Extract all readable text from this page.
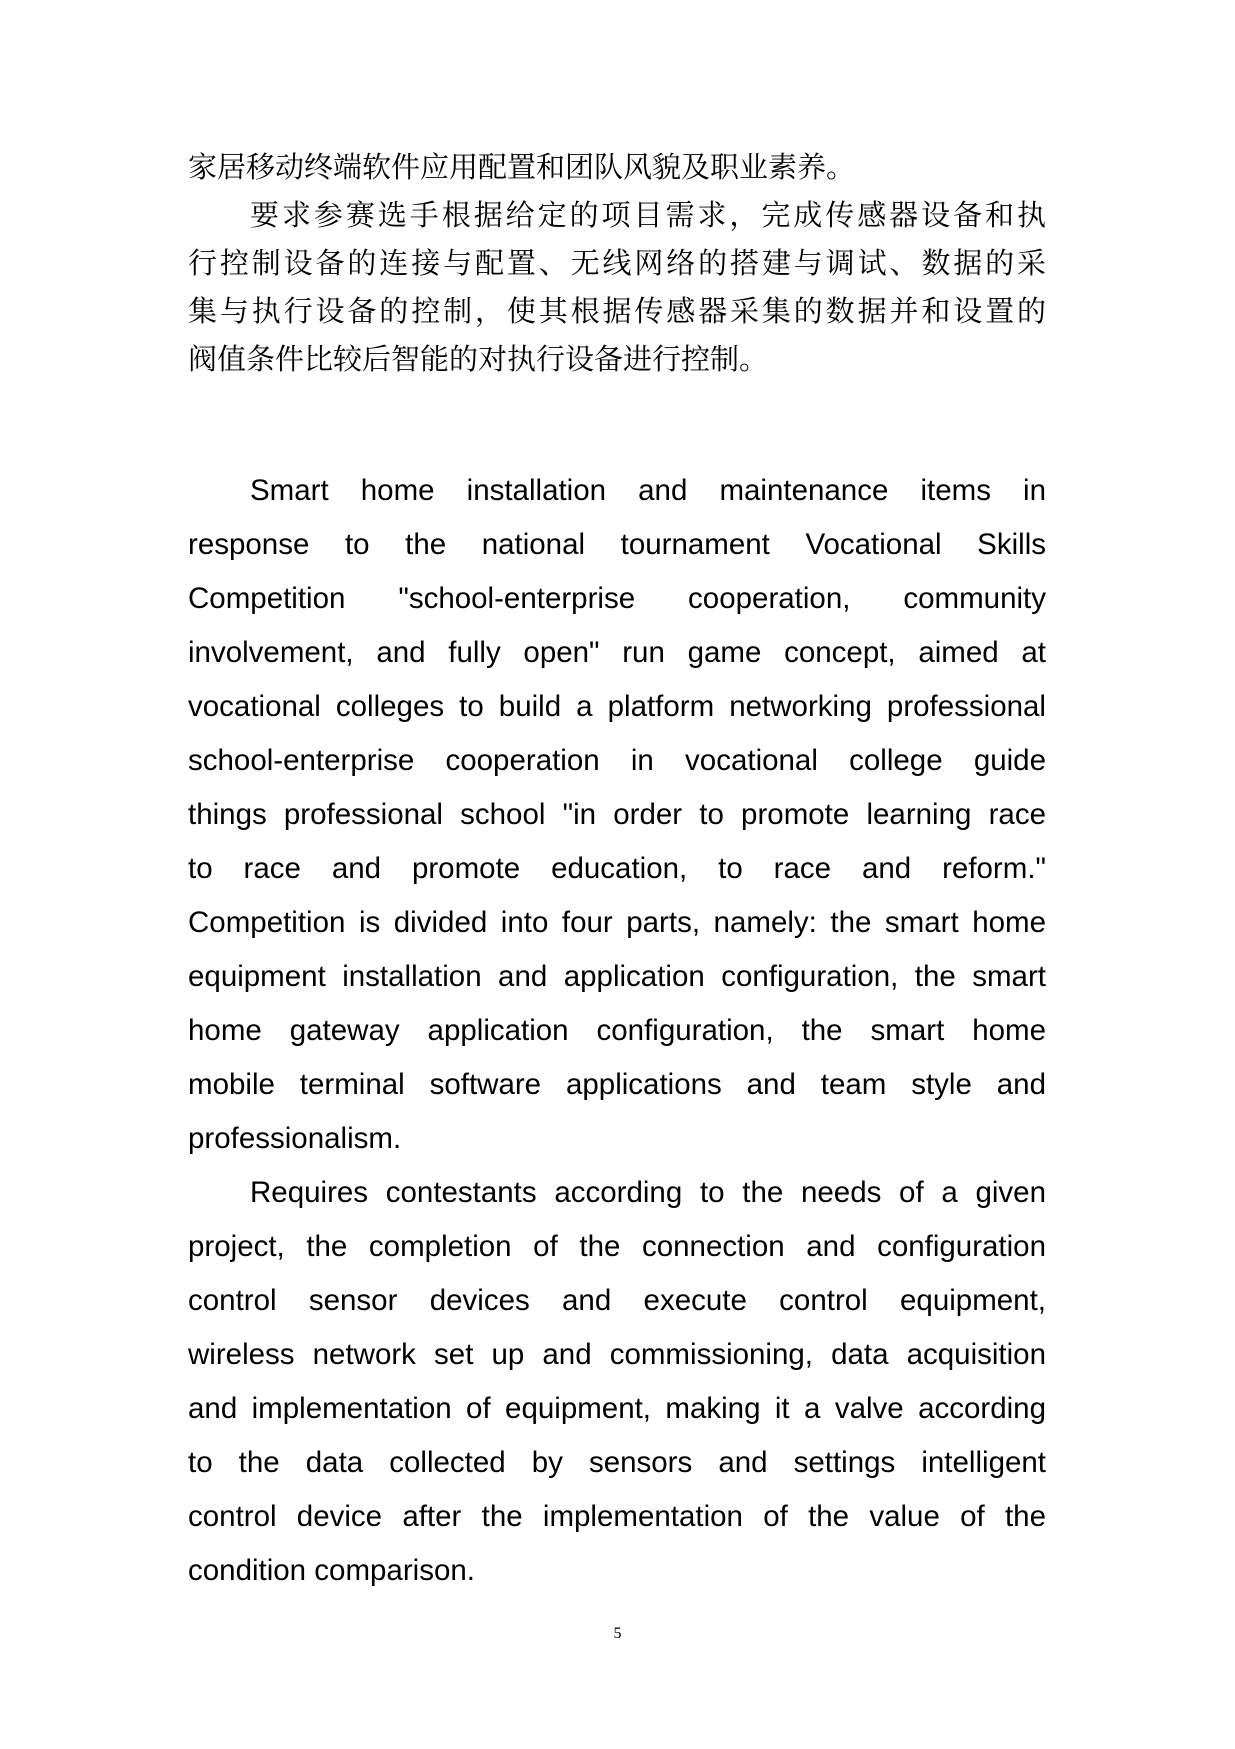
家居移动终端软件应用配置和团队风貌及职业素养。
要求参赛选手根据给定的项目需求，完成传感器设备和执
行控制设备的连接与配置、无线网络的搭建与调试、数据的采
集与执行设备的控制，使其根据传感器采集的数据并和设置的
阀值条件比较后智能的对执行设备进行控制。
Smart home installation and maintenance items in
response to the national tournament Vocational Skills
Competition "school-enterprise cooperation, community
involvement, and fully open" run game concept, aimed at
vocational colleges to build a platform networking professional
school-enterprise cooperation in vocational college guide
things professional school "in order to promote learning race
to race and promote education, to race and reform."
Competition is divided into four parts, namely: the smart home
equipment installation and application configuration, the smart
home gateway application configuration, the smart home
mobile terminal software applications and team style and
professionalism.
Requires contestants according to the needs of a given
project, the completion of the connection and configuration
control sensor devices and execute control equipment,
wireless network set up and commissioning, data acquisition
and implementation of equipment, making it a valve according
to the data collected by sensors and settings intelligent
control device after the implementation of the value of the
condition comparison.
5
